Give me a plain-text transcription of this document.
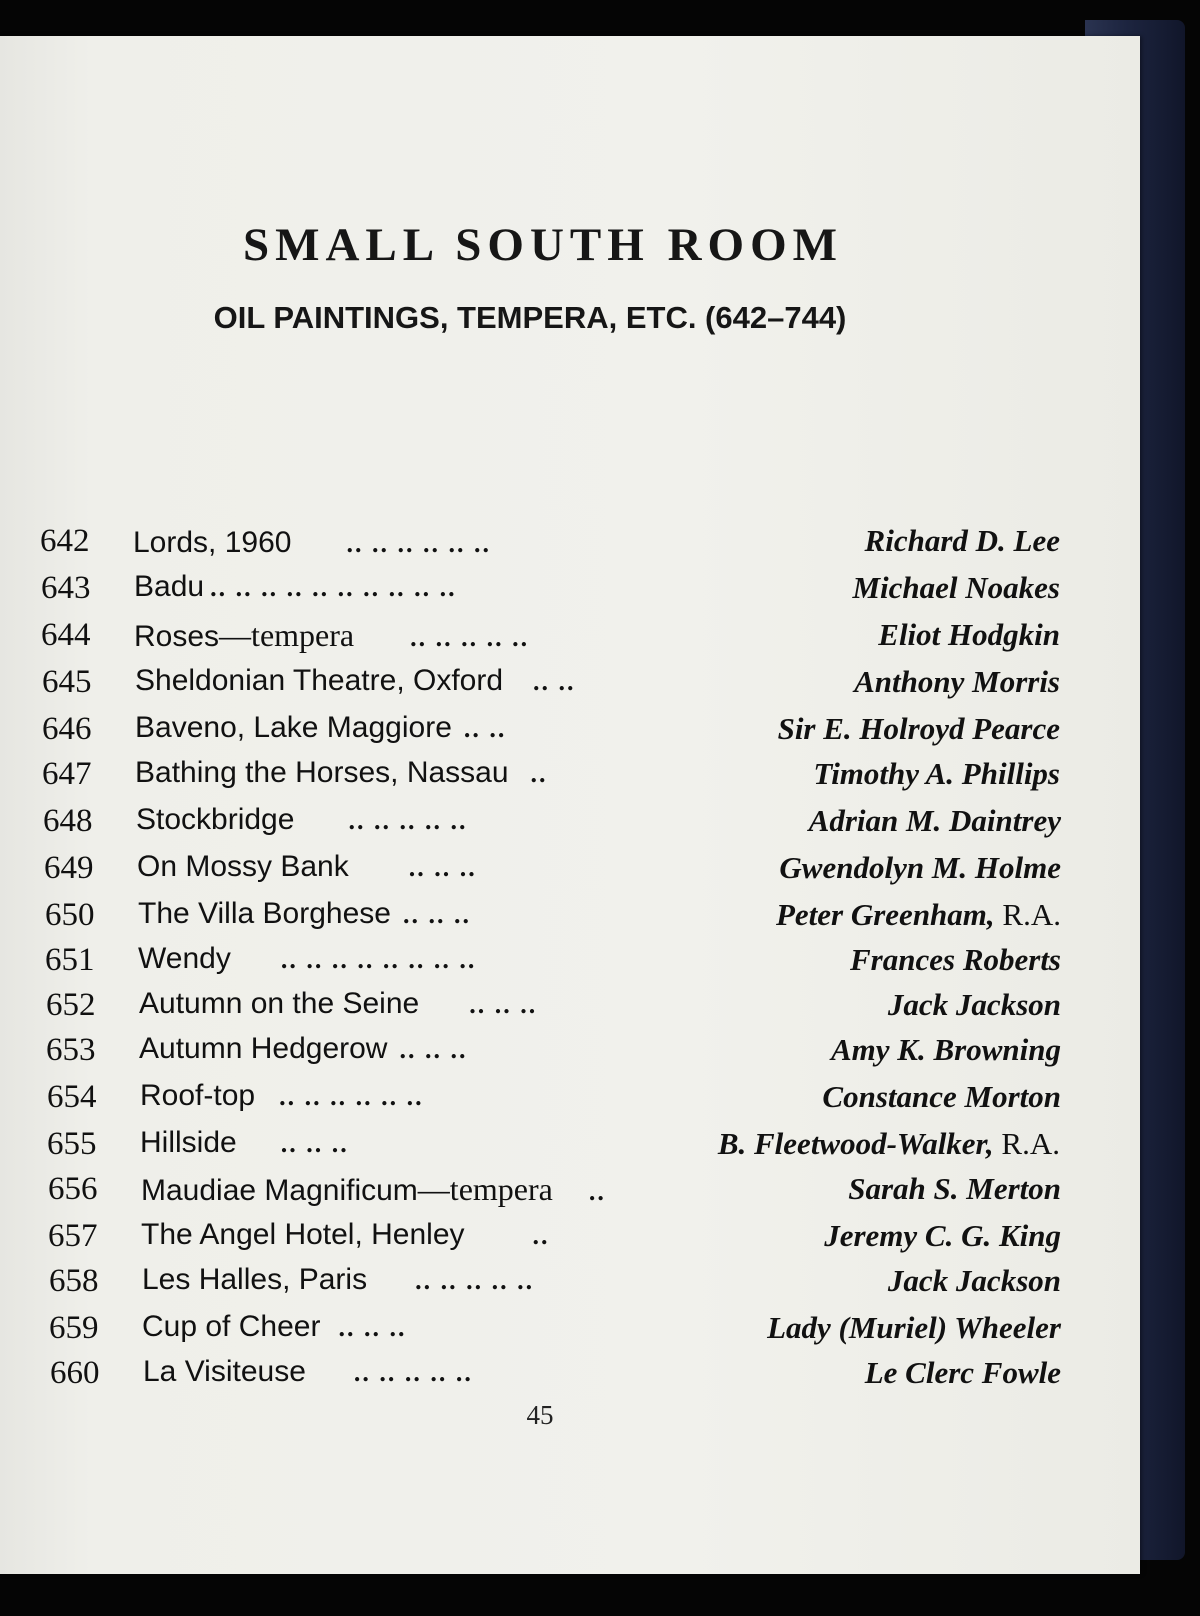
SMALL SOUTH ROOM
OIL PAINTINGS, TEMPERA, ETC. (642–744)
642 Lords, 1960 .. .. .. .. .. ..	Richard D. Lee
643 Badu .. .. .. .. .. .. .. .. .. ..	Michael Noakes
644 Roses—tempera .. .. .. .. ..	Eliot Hodgkin
645 Sheldonian Theatre, Oxford .. ..	Anthony Morris
646 Baveno, Lake Maggiore .. ..	Sir E. Holroyd Pearce
647 Bathing the Horses, Nassau ..	Timothy A. Phillips
648 Stockbridge .. .. .. .. ..	Adrian M. Daintrey
649 On Mossy Bank .. .. ..	Gwendolyn M. Holme
650 The Villa Borghese .. .. ..	Peter Greenham, R.A.
651 Wendy .. .. .. .. .. .. .. ..	Frances Roberts
652 Autumn on the Seine .. .. ..	Jack Jackson
653 Autumn Hedgerow .. .. ..	Amy K. Browning
654 Roof-top .. .. .. .. .. ..	Constance Morton
655 Hillside .. .. ..	B. Fleetwood-Walker, R.A.
656 Maudiae Magnificum—tempera ..	Sarah S. Merton
657 The Angel Hotel, Henley	..	Jeremy C. G. King
658 Les Halles, Paris .. .. .. .. ..	Jack Jackson
659 Cup of Cheer .. .. ..	Lady (Muriel) Wheeler
660 La Visiteuse .. .. .. .. ..	Le Clerc Fowle
45
